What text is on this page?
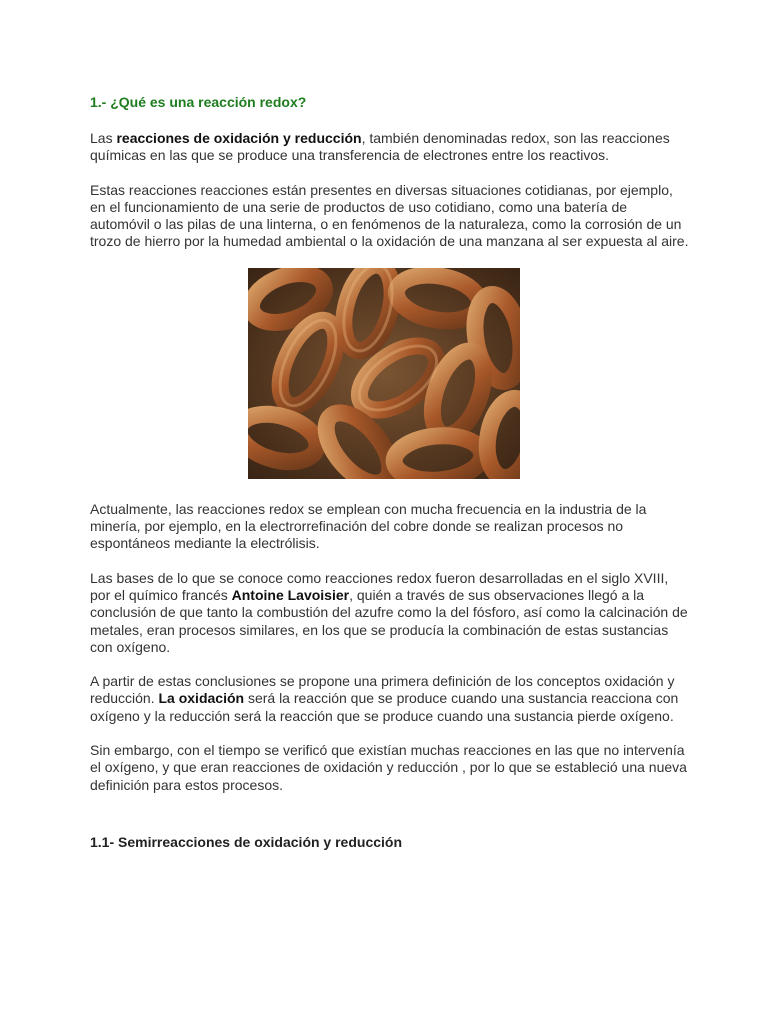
1.- ¿Qué es una reacción redox?

Las reacciones de oxidación y reducción, también denominadas redox, son las reacciones químicas en las que se produce una transferencia de electrones entre los reactivos.

Estas reacciones reacciones están presentes en diversas situaciones cotidianas, por ejemplo, en el funcionamiento de una serie de productos de uso cotidiano, como una batería de automóvil o las pilas de una linterna, o en fenómenos de la naturaleza, como la corrosión de un trozo de hierro por la humedad ambiental o la oxidación de una manzana al ser expuesta al aire.

Actualmente, las reacciones redox se emplean con mucha frecuencia en la industria de la minería, por ejemplo, en la electrorrefinación del cobre donde se realizan procesos no espontáneos mediante la electrólisis.

Las bases de lo que se conoce como reacciones redox fueron desarrolladas en el siglo XVIII, por el químico francés Antoine Lavoisier, quién a través de sus observaciones llegó a la conclusión de que tanto la combustión del azufre como la del fósforo, así como la calcinación de metales, eran procesos similares, en los que se producía la combinación de estas sustancias con oxígeno.

A partir de estas conclusiones se propone una primera definición de los conceptos oxidación y reducción. La oxidación será la reacción que se produce cuando una sustancia reacciona con oxígeno y la reducción será la reacción que se produce cuando una sustancia pierde oxígeno.

Sin embargo, con el tiempo se verificó que existían muchas reacciones en las que no intervenía el oxígeno, y que eran reacciones de oxidación y reducción , por lo que se estableció una nueva definición para estos procesos.

1.1- Semirreacciones de oxidación y reducción
